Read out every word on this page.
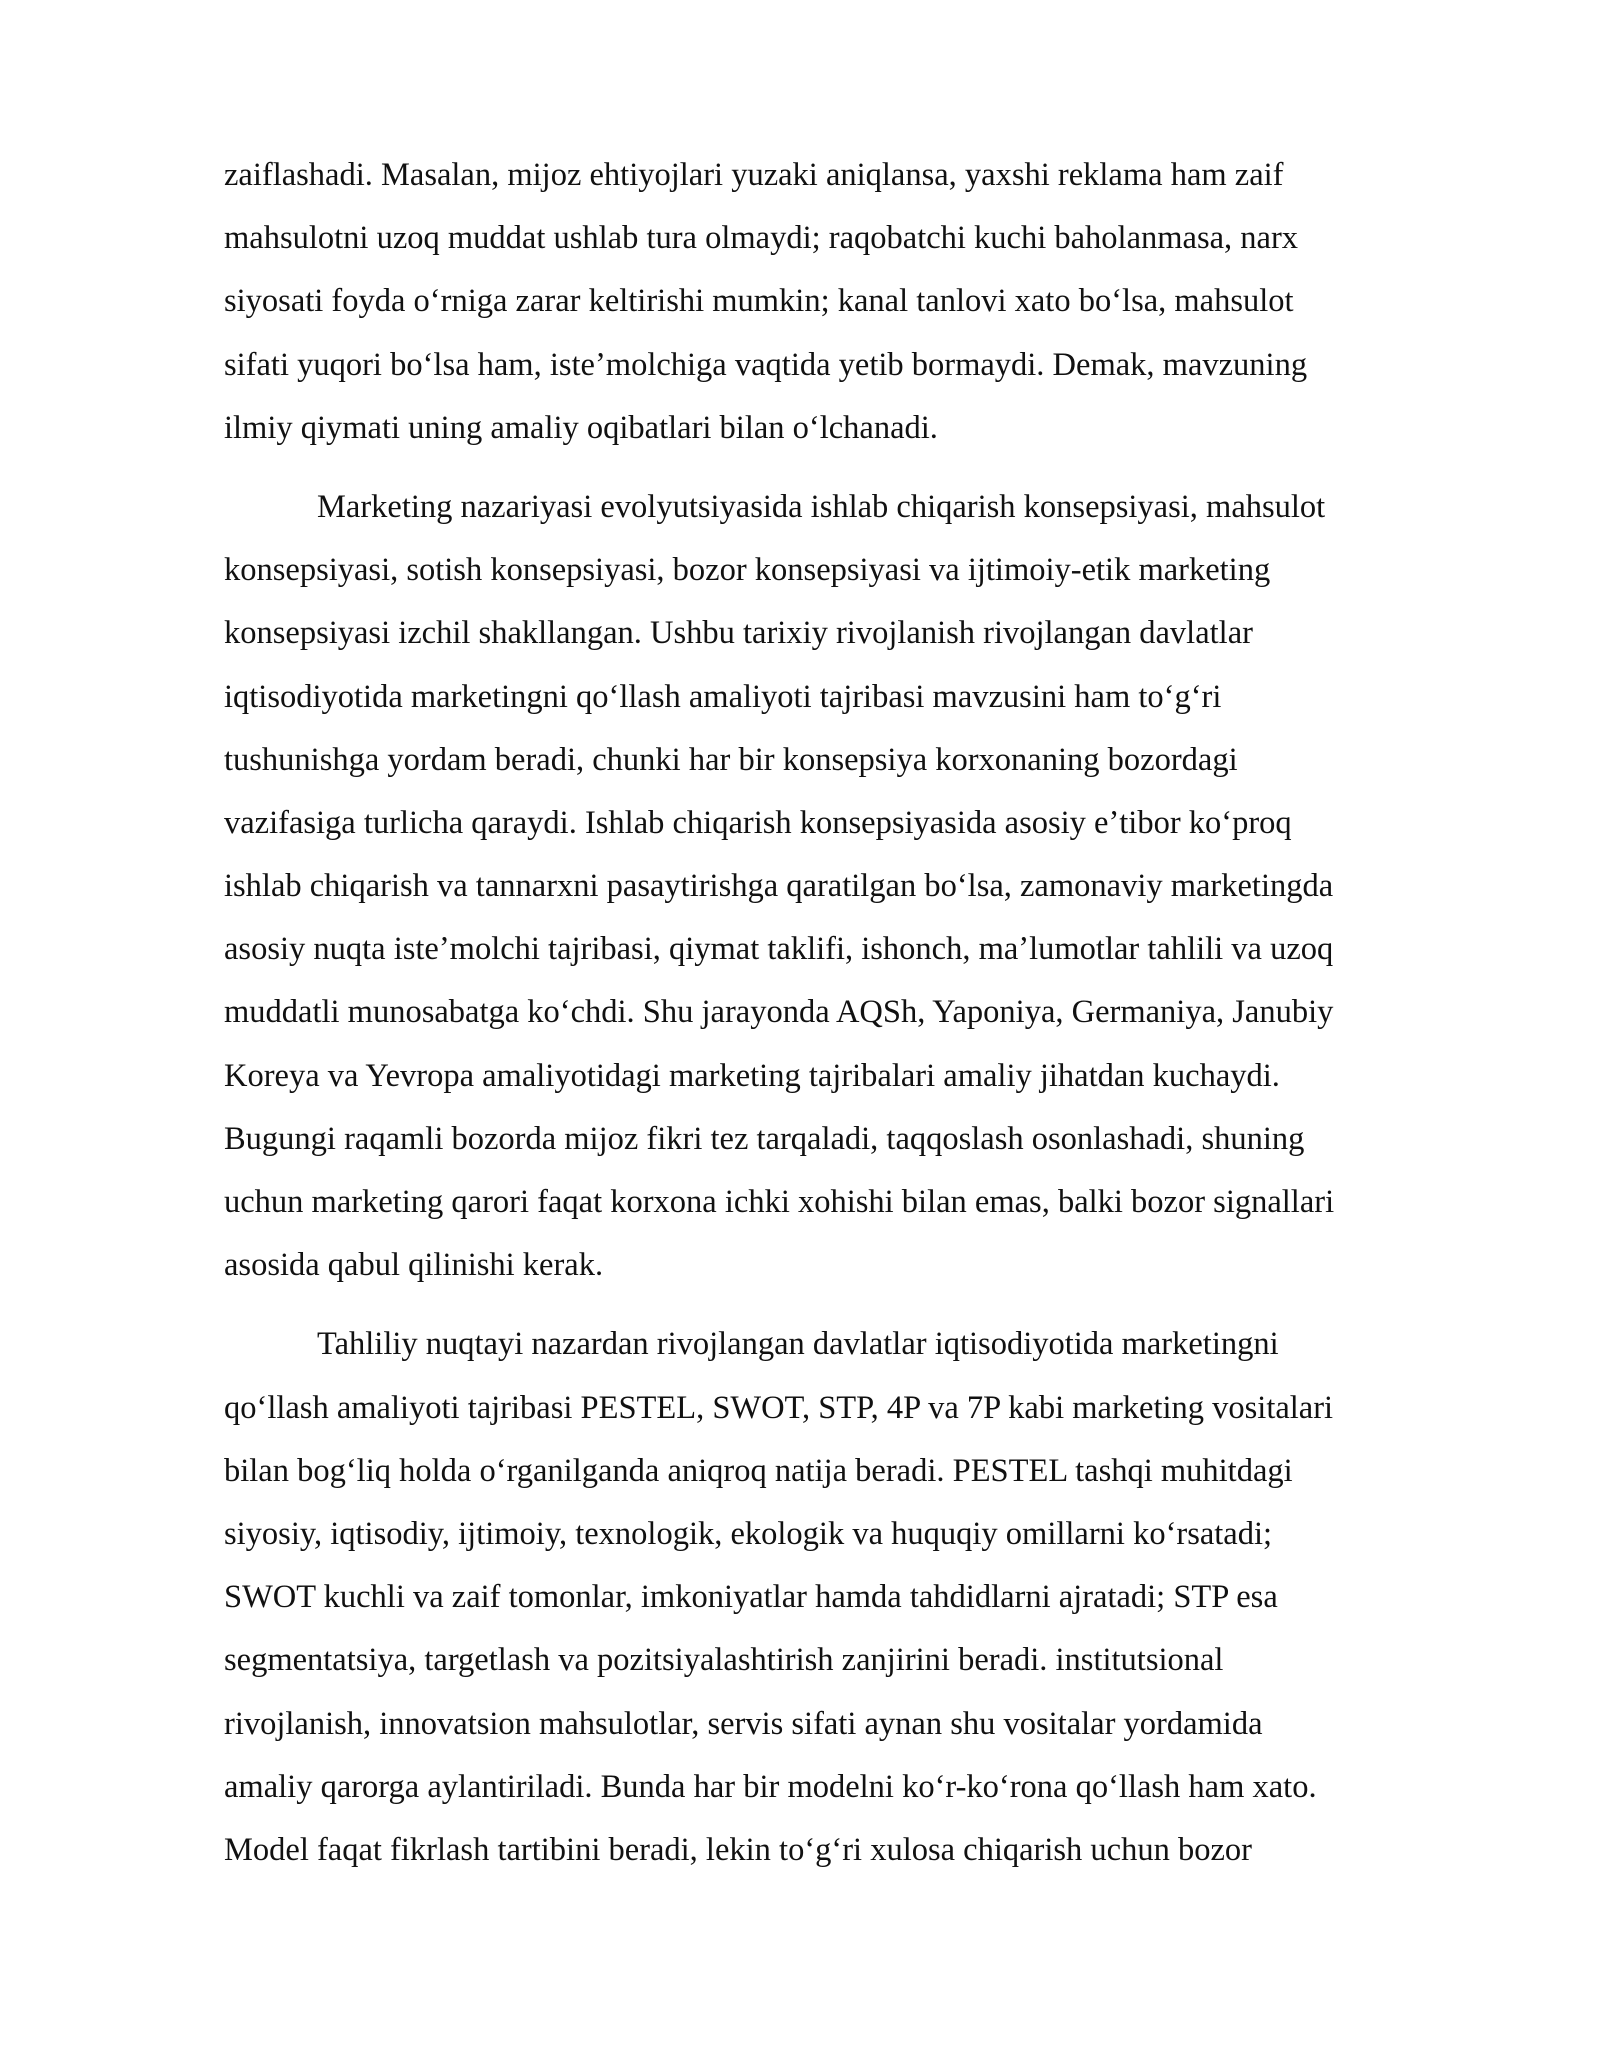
zaiflashadi. Masalan, mijoz ehtiyojlari yuzaki aniqlansa, yaxshi reklama ham zaif
mahsulotni uzoq muddat ushlab tura olmaydi; raqobatchi kuchi baholanmasa, narx
siyosati foyda oʻrniga zarar keltirishi mumkin; kanal tanlovi xato boʻlsa, mahsulot
sifati yuqori boʻlsa ham, isteʼmolchiga vaqtida yetib bormaydi. Demak, mavzuning
ilmiy qiymati uning amaliy oqibatlari bilan oʻlchanadi.
Marketing nazariyasi evolyutsiyasida ishlab chiqarish konsepsiyasi, mahsulot
konsepsiyasi, sotish konsepsiyasi, bozor konsepsiyasi va ijtimoiy-etik marketing
konsepsiyasi izchil shakllangan. Ushbu tarixiy rivojlanish rivojlangan davlatlar
iqtisodiyotida marketingni qoʻllash amaliyoti tajribasi mavzusini ham toʻgʻri
tushunishga yordam beradi, chunki har bir konsepsiya korxonaning bozordagi
vazifasiga turlicha qaraydi. Ishlab chiqarish konsepsiyasida asosiy eʼtibor koʻproq
ishlab chiqarish va tannarxni pasaytirishga qaratilgan boʻlsa, zamonaviy marketingda
asosiy nuqta isteʼmolchi tajribasi, qiymat taklifi, ishonch, maʼlumotlar tahlili va uzoq
muddatli munosabatga koʻchdi. Shu jarayonda AQSh, Yaponiya, Germaniya, Janubiy
Koreya va Yevropa amaliyotidagi marketing tajribalari amaliy jihatdan kuchaydi.
Bugungi raqamli bozorda mijoz fikri tez tarqaladi, taqqoslash osonlashadi, shuning
uchun marketing qarori faqat korxona ichki xohishi bilan emas, balki bozor signallari
asosida qabul qilinishi kerak.
Tahliliy nuqtayi nazardan rivojlangan davlatlar iqtisodiyotida marketingni
qoʻllash amaliyoti tajribasi PESTEL, SWOT, STP, 4P va 7P kabi marketing vositalari
bilan bogʻliq holda oʻrganilganda aniqroq natija beradi. PESTEL tashqi muhitdagi
siyosiy, iqtisodiy, ijtimoiy, texnologik, ekologik va huquqiy omillarni koʻrsatadi;
SWOT kuchli va zaif tomonlar, imkoniyatlar hamda tahdidlarni ajratadi; STP esa
segmentatsiya, targetlash va pozitsiyalashtirish zanjirini beradi. institutsional
rivojlanish, innovatsion mahsulotlar, servis sifati aynan shu vositalar yordamida
amaliy qarorga aylantiriladi. Bunda har bir modelni koʻr-koʻrona qoʻllash ham xato.
Model faqat fikrlash tartibini beradi, lekin toʻgʻri xulosa chiqarish uchun bozor
